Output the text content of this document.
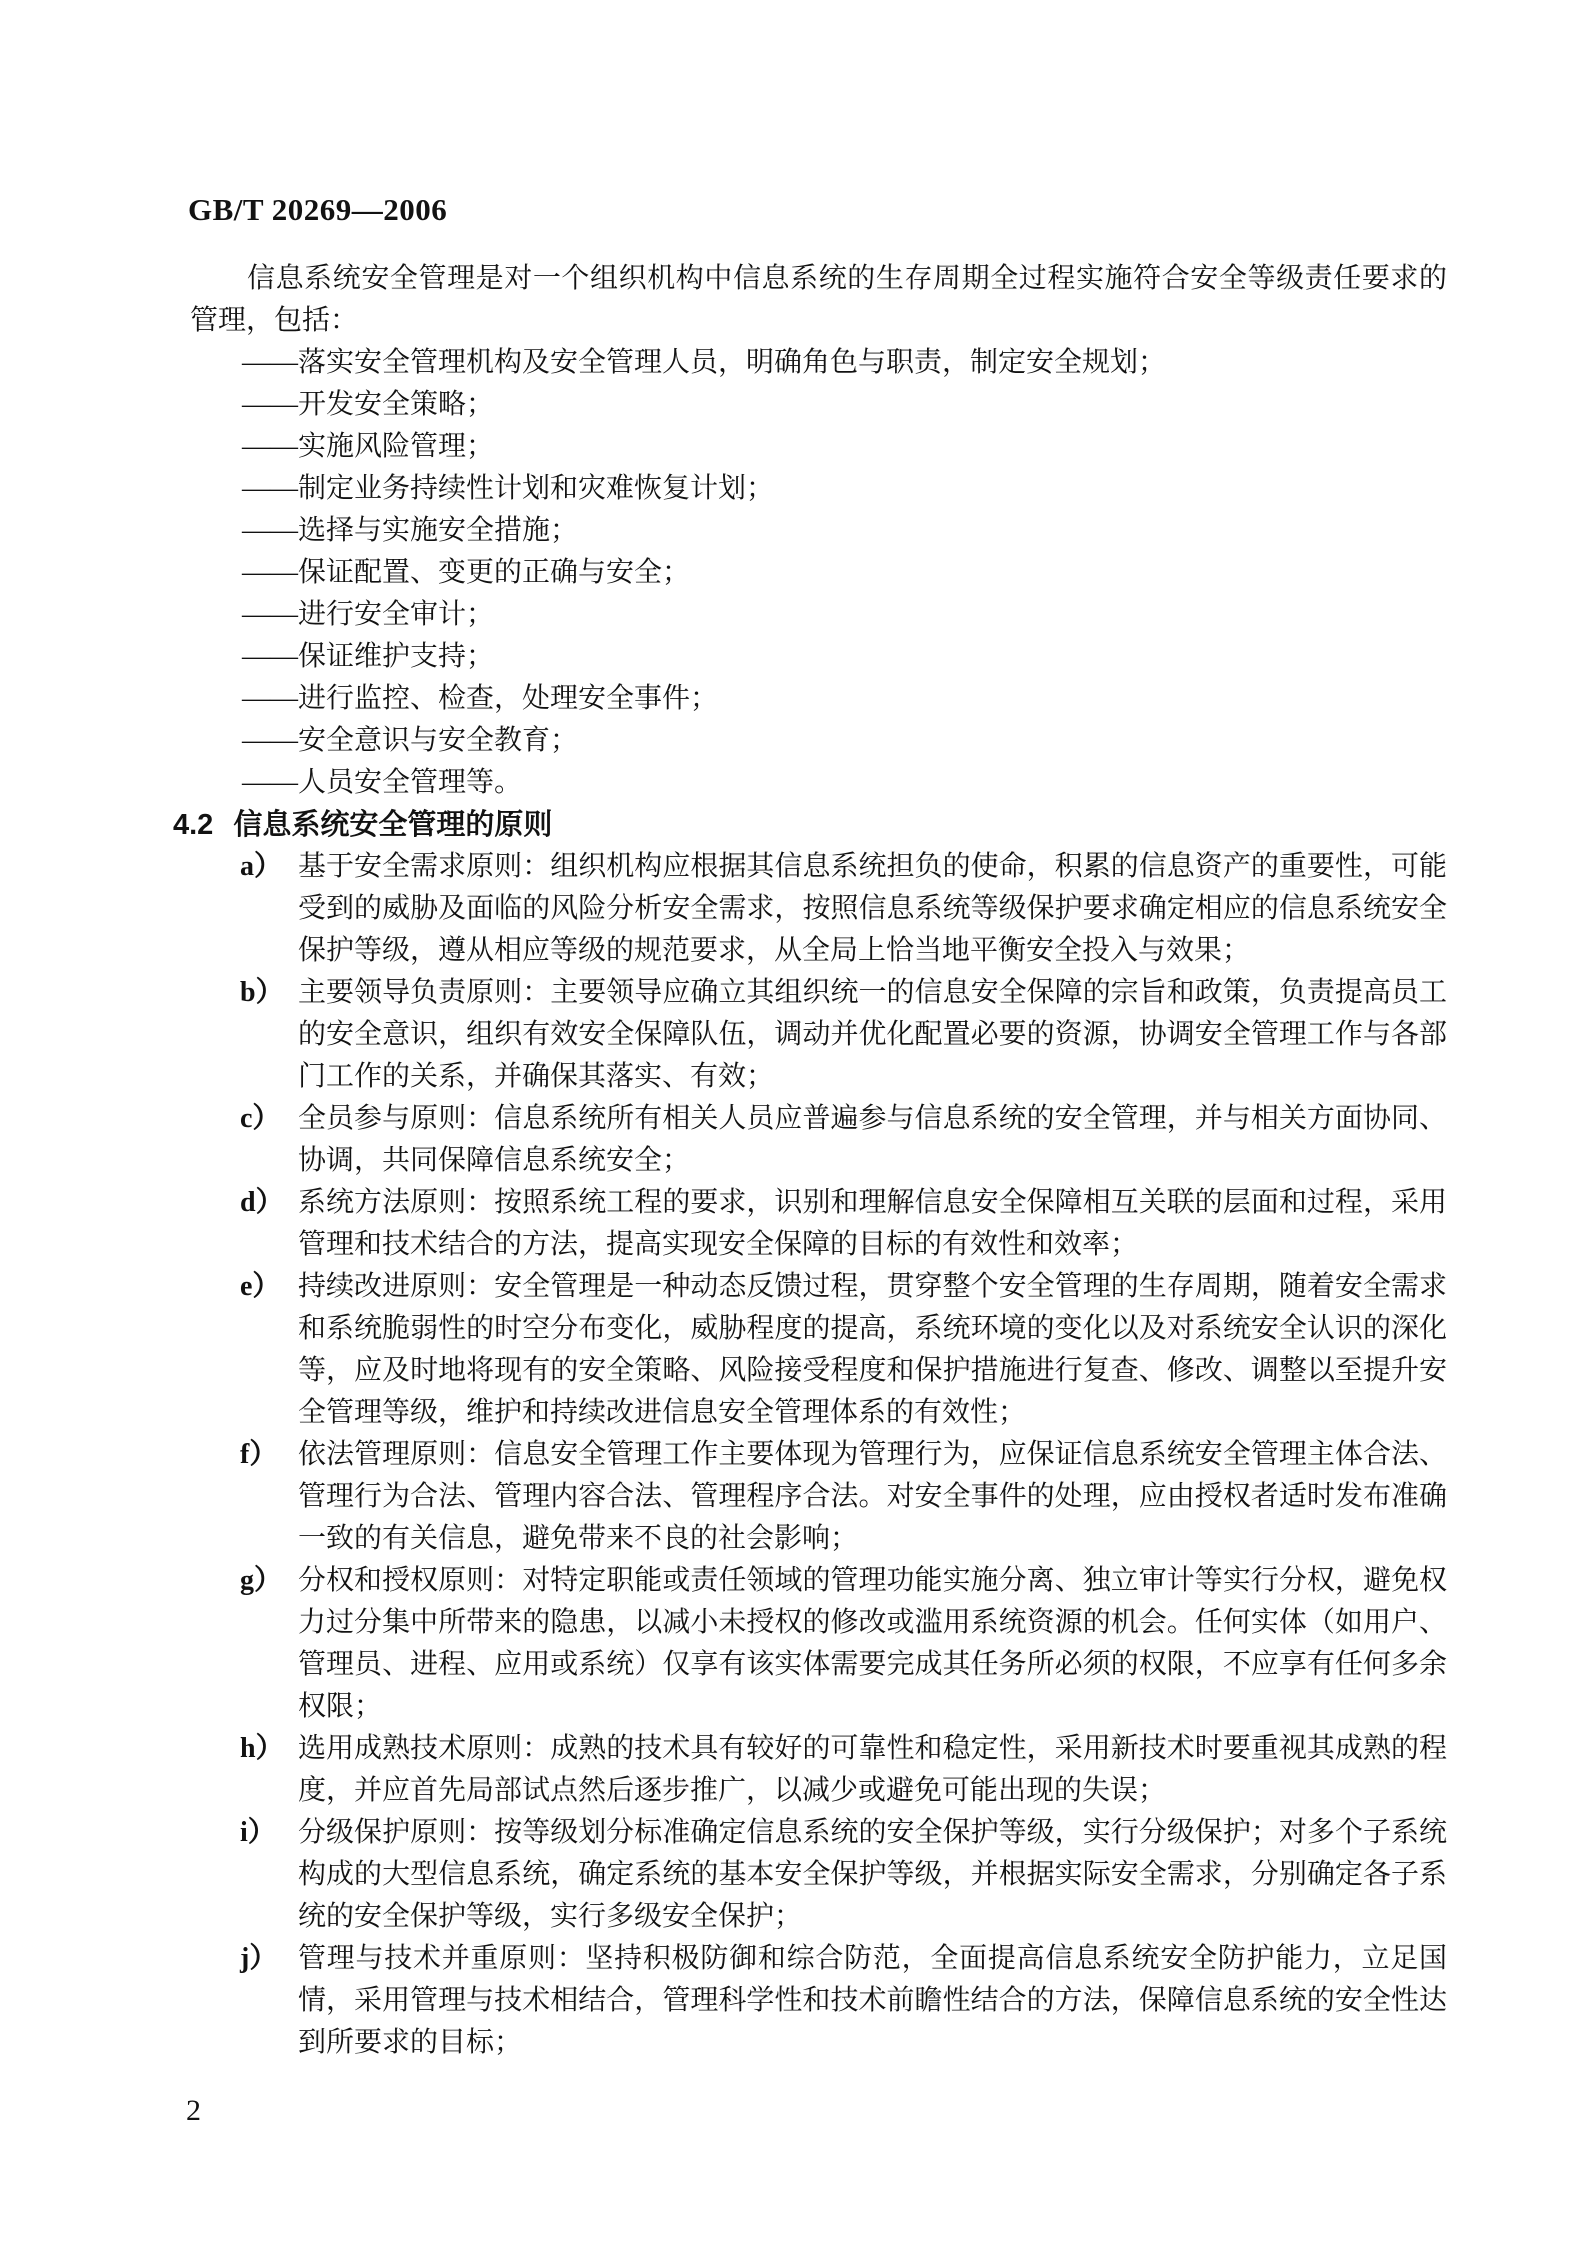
GB/T 20269—2006

信息系统安全管理是对一个组织机构中信息系统的生存周期全过程实施符合安全等级责任要求的管理，包括：

——落实安全管理机构及安全管理人员，明确角色与职责，制定安全规划；
——开发安全策略；
——实施风险管理；
——制定业务持续性计划和灾难恢复计划；
——选择与实施安全措施；
——保证配置、变更的正确与安全；
——进行安全审计；
——保证维护支持；
——进行监控、检查，处理安全事件；
——安全意识与安全教育；
——人员安全管理等。
4.2 信息系统安全管理的原则
a） 基于安全需求原则：组织机构应根据其信息系统担负的使命，积累的信息资产的重要性，可能受到的威胁及面临的风险分析安全需求，按照信息系统等级保护要求确定相应的信息系统安全保护等级，遵从相应等级的规范要求，从全局上恰当地平衡安全投入与效果；
b） 主要领导负责原则：主要领导应确立其组织统一的信息安全保障的宗旨和政策，负责提高员工的安全意识，组织有效安全保障队伍，调动并优化配置必要的资源，协调安全管理工作与各部门工作的关系，并确保其落实、有效；
c） 全员参与原则：信息系统所有相关人员应普遍参与信息系统的安全管理，并与相关方面协同、协调，共同保障信息系统安全；
d） 系统方法原则：按照系统工程的要求，识别和理解信息安全保障相互关联的层面和过程，采用管理和技术结合的方法，提高实现安全保障的目标的有效性和效率；
e） 持续改进原则：安全管理是一种动态反馈过程，贯穿整个安全管理的生存周期，随着安全需求和系统脆弱性的时空分布变化，威胁程度的提高，系统环境的变化以及对系统安全认识的深化等，应及时地将现有的安全策略、风险接受程度和保护措施进行复查、修改、调整以至提升安全管理等级，维护和持续改进信息安全管理体系的有效性；
f） 依法管理原则：信息安全管理工作主要体现为管理行为，应保证信息系统安全管理主体合法、管理行为合法、管理内容合法、管理程序合法。对安全事件的处理，应由授权者适时发布准确一致的有关信息，避免带来不良的社会影响；
g） 分权和授权原则：对特定职能或责任领域的管理功能实施分离、独立审计等实行分权，避免权力过分集中所带来的隐患，以减小未授权的修改或滥用系统资源的机会。任何实体（如用户、管理员、进程、应用或系统）仅享有该实体需要完成其任务所必须的权限，不应享有任何多余权限；
h） 选用成熟技术原则：成熟的技术具有较好的可靠性和稳定性，采用新技术时要重视其成熟的程度，并应首先局部试点然后逐步推广，以减少或避免可能出现的失误；
i） 分级保护原则：按等级划分标准确定信息系统的安全保护等级，实行分级保护；对多个子系统构成的大型信息系统，确定系统的基本安全保护等级，并根据实际安全需求，分别确定各子系统的安全保护等级，实行多级安全保护；
j） 管理与技术并重原则：坚持积极防御和综合防范，全面提高信息系统安全防护能力，立足国情，采用管理与技术相结合，管理科学性和技术前瞻性结合的方法，保障信息系统的安全性达到所要求的目标；
2
